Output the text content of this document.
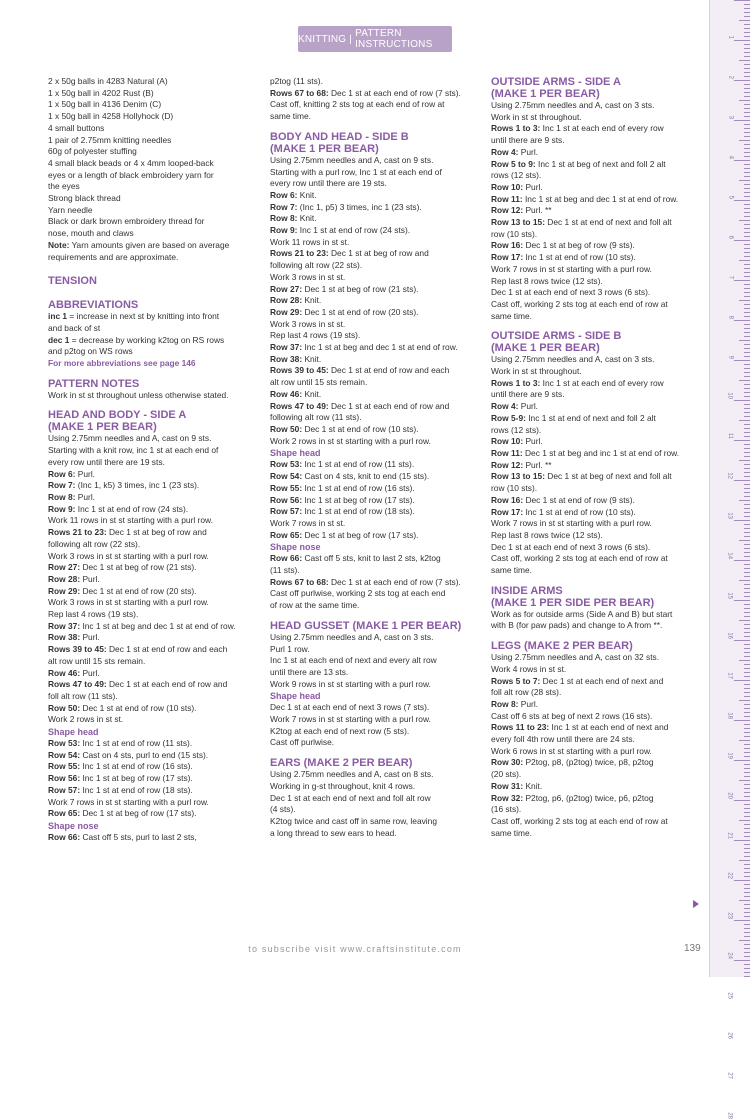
KNITTING | PATTERN INSTRUCTIONS
1
2
3
4
5
6
7
8
9
10
11
12
13
14
15
16
17
18
19
20
21
22
23
24
25
26
27
28
2 x 50g balls in 4283 Natural (A)
1 x 50g ball in 4202 Rust (B)
1 x 50g ball in 4136 Denim (C)
1 x 50g ball in 4258 Hollyhock (D)
4 small buttons
1 pair of 2.75mm knitting needles
60g of polyester stuffing
4 small black beads or 4 x 4mm looped-back
eyes or a length of black embroidery yarn for
the eyes
Strong black thread
Yarn needle
Black or dark brown embroidery thread for
nose, mouth and claws
Note: Yarn amounts given are based on average
requirements and are approximate.
TENSION
ABBREVIATIONS
inc 1 = increase in next st by knitting into front
and back of st
dec 1 = decrease by working k2tog on RS rows
and p2tog on WS rows
For more abbreviations see page 146
PATTERN NOTES
Work in st st throughout unless otherwise stated.
HEAD AND BODY - SIDE A
(MAKE 1 PER BEAR)
Using 2.75mm needles and A, cast on 9 sts.
Starting with a knit row, inc 1 st at each end of
every row until there are 19 sts.
Row 6: Purl.
Row 7: (Inc 1, k5) 3 times, inc 1 (23 sts).
Row 8: Purl.
Row 9: Inc 1 st at end of row (24 sts).
Work 11 rows in st st starting with a purl row.
Rows 21 to 23: Dec 1 st at beg of row and
following alt row (22 sts).
Work 3 rows in st st starting with a purl row.
Row 27: Dec 1 st at beg of row (21 sts).
Row 28: Purl.
Row 29: Dec 1 st at end of row (20 sts).
Work 3 rows in st st starting with a purl row.
Rep last 4 rows (19 sts).
Row 37: Inc 1 st at beg and dec 1 st at end of row.
Row 38: Purl.
Rows 39 to 45: Dec 1 st at end of row and each
alt row until 15 sts remain.
Row 46: Purl.
Rows 47 to 49: Dec 1 st at each end of row and
foll alt row (11 sts).
Row 50: Dec 1 st at end of row (10 sts).
Work 2 rows in st st.
Shape head
Row 53: Inc 1 st at end of row (11 sts).
Row 54: Cast on 4 sts, purl to end (15 sts).
Row 55: Inc 1 st at end of row (16 sts).
Row 56: Inc 1 st at beg of row (17 sts).
Row 57: Inc 1 st at end of row (18 sts).
Work 7 rows in st st starting with a purl row.
Row 65: Dec 1 st at beg of row (17 sts).
Shape nose
Row 66: Cast off 5 sts, purl to last 2 sts,
p2tog (11 sts).
Rows 67 to 68: Dec 1 st at each end of row (7 sts).
Cast off, knitting 2 sts tog at each end of row at
same time.
BODY AND HEAD - SIDE B
(MAKE 1 PER BEAR)
Using 2.75mm needles and A, cast on 9 sts.
Starting with a purl row, Inc 1 st at each end of
every row until there are 19 sts.
Row 6: Knit.
Row 7: (Inc 1, p5) 3 times, inc 1 (23 sts).
Row 8: Knit.
Row 9: Inc 1 st at end of row (24 sts).
Work 11 rows in st st.
Rows 21 to 23: Dec 1 st at beg of row and
following alt row (22 sts).
Work 3 rows in st st.
Row 27: Dec 1 st at beg of row (21 sts).
Row 28: Knit.
Row 29: Dec 1 st at end of row (20 sts).
Work 3 rows in st st.
Rep last 4 rows (19 sts).
Row 37: Inc 1 st at beg and dec 1 st at end of row.
Row 38: Knit.
Rows 39 to 45: Dec 1 st at end of row and each
alt row until 15 sts remain.
Row 46: Knit.
Rows 47 to 49: Dec 1 st at each end of row and
following alt row (11 sts).
Row 50: Dec 1 st at end of row (10 sts).
Work 2 rows in st st starting with a purl row.
Shape head
Row 53: Inc 1 st at end of row (11 sts).
Row 54: Cast on 4 sts, knit to end (15 sts).
Row 55: Inc 1 st at end of row (16 sts).
Row 56: Inc 1 st at beg of row (17 sts).
Row 57: Inc 1 st at end of row (18 sts).
Work 7 rows in st st.
Row 65: Dec 1 st at beg of row (17 sts).
Shape nose
Row 66: Cast off 5 sts, knit to last 2 sts, k2tog
(11 sts).
Rows 67 to 68: Dec 1 st at each end of row (7 sts).
Cast off purlwise, working 2 sts tog at each end
of row at the same time.
HEAD GUSSET (MAKE 1 PER BEAR)
Using 2.75mm needles and A, cast on 3 sts.
Purl 1 row.
Inc 1 st at each end of next and every alt row
until there are 13 sts.
Work 9 rows in st st starting with a purl row.
Shape head
Dec 1 st at each end of next 3 rows (7 sts).
Work 7 rows in st st starting with a purl row.
K2tog at each end of next row (5 sts).
Cast off purlwise.
EARS (MAKE 2 PER BEAR)
Using 2.75mm needles and A, cast on 8 sts.
Working in g-st throughout, knit 4 rows.
Dec 1 st at each end of next and foll alt row
(4 sts).
K2tog twice and cast off in same row, leaving
a long thread to sew ears to head.
OUTSIDE ARMS - SIDE A
(MAKE 1 PER BEAR)
Using 2.75mm needles and A, cast on 3 sts.
Work in st st throughout.
Rows 1 to 3: Inc 1 st at each end of every row
until there are 9 sts.
Row 4: Purl.
Row 5 to 9: Inc 1 st at beg of next and foll 2 alt
rows (12 sts).
Row 10: Purl.
Row 11: Inc 1 st at beg and dec 1 st at end of row.
Row 12: Purl. **
Row 13 to 15: Dec 1 st at end of next and foll alt
row (10 sts).
Row 16: Dec 1 st at beg of row (9 sts).
Row 17: Inc 1 st at end of row (10 sts).
Work 7 rows in st st starting with a purl row.
Rep last 8 rows twice (12 sts).
Dec 1 st at each end of next 3 rows (6 sts).
Cast off, working 2 sts tog at each end of row at
same time.
OUTSIDE ARMS - SIDE B
(MAKE 1 PER BEAR)
Using 2.75mm needles and A, cast on 3 sts.
Work in st st throughout.
Rows 1 to 3: Inc 1 st at each end of every row
until there are 9 sts.
Row 4: Purl.
Row 5-9: Inc 1 st at end of next and foll 2 alt
rows (12 sts).
Row 10: Purl.
Row 11: Dec 1 st at beg and inc 1 st at end of row.
Row 12: Purl. **
Row 13 to 15: Dec 1 st at beg of next and foll alt
row (10 sts).
Row 16: Dec 1 st at end of row (9 sts).
Row 17: Inc 1 st at end of row (10 sts).
Work 7 rows in st st starting with a purl row.
Rep last 8 rows twice (12 sts).
Dec 1 st at each end of next 3 rows (6 sts).
Cast off, working 2 sts tog at each end of row at
same time.
INSIDE ARMS
(MAKE 1 PER SIDE PER BEAR)
Work as for outside arms (Side A and B) but start
with B (for paw pads) and change to A from **.
LEGS (MAKE 2 PER BEAR)
Using 2.75mm needles and A, cast on 32 sts.
Work 4 rows in st st.
Rows 5 to 7: Dec 1 st at each end of next and
foll alt row (28 sts).
Row 8: Purl.
Cast off 6 sts at beg of next 2 rows (16 sts).
Rows 11 to 23: Inc 1 st at each end of next and
every foll 4th row until there are 24 sts.
Work 6 rows in st st starting with a purl row.
Row 30: P2tog, p8, (p2tog) twice, p8, p2tog
(20 sts).
Row 31: Knit.
Row 32: P2tog, p6, (p2tog) twice, p6, p2tog
(16 sts).
Cast off, working 2 sts tog at each end of row at
same time.
to subscribe visit www.craftsinstitute.com	139
